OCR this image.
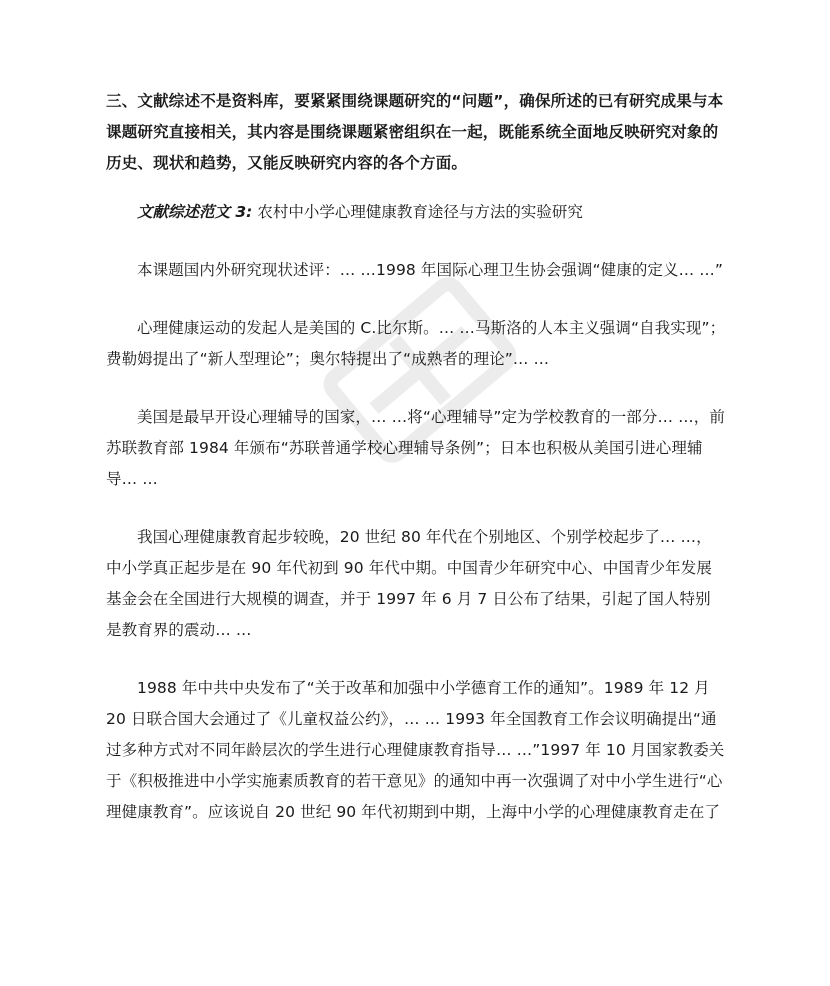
三、文献综述不是资料库，要紧紧围绕课题研究的“问题”，确保所述的已有研究成果与本课题研究直接相关，其内容是围绕课题紧密组织在一起，既能系统全面地反映研究对象的历史、现状和趋势，又能反映研究内容的各个方面。

文献综述范文 3: 农村中小学心理健康教育途径与方法的实验研究

本课题国内外研究现状述评：… …1998 年国际心理卫生协会强调“健康的定义… …”

心理健康运动的发起人是美国的 C.比尔斯。… …马斯洛的人本主义强调“自我实现”；费勒姆提出了“新人型理论”；奥尔特提出了“成熟者的理论”… …

美国是最早开设心理辅导的国家，… …将“心理辅导”定为学校教育的一部分… …，前苏联教育部 1984 年颁布“苏联普通学校心理辅导条例”；日本也积极从美国引进心理辅导… …

我国心理健康教育起步较晚，20 世纪 80 年代在个别地区、个别学校起步了… …，中小学真正起步是在 90 年代初到 90 年代中期。中国青少年研究中心、中国青少年发展基金会在全国进行大规模的调查，并于 1997 年 6 月 7 日公布了结果，引起了国人特别是教育界的震动… …

1988 年中共中央发布了“关于改革和加强中小学德育工作的通知”。1989 年 12 月 20 日联合国大会通过了《儿童权益公约》，… … 1993 年全国教育工作会议明确提出“通过多种方式对不同年龄层次的学生进行心理健康教育指导… …”1997 年 10 月国家教委关于《积极推进中小学实施素质教育的若干意见》的通知中再一次强调了对中小学生进行“心理健康教育”。应该说自 20 世纪 90 年代初期到中期，上海中小学的心理健康教育走在了
